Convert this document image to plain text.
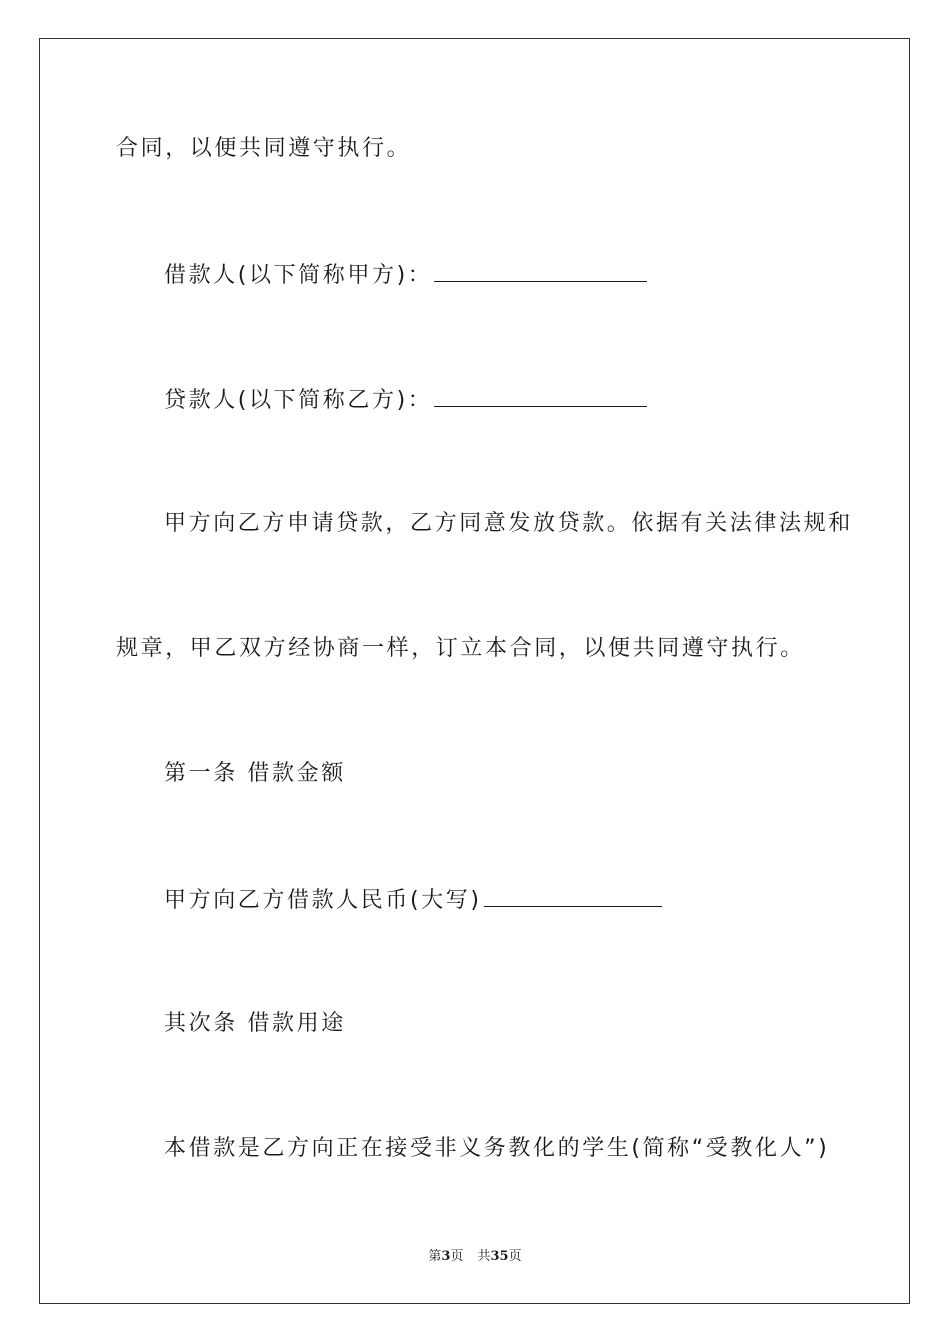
合同，以便共同遵守执行。
借款人(以下简称甲方)：
贷款人(以下简称乙方)：
甲方向乙方申请贷款，乙方同意发放贷款。依据有关法律法规和
规章，甲乙双方经协商一样，订立本合同，以便共同遵守执行。
第一条 借款金额
甲方向乙方借款人民币(大写)
其次条 借款用途
本借款是乙方向正在接受非义务教化的学生(简称“受教化人”)
第3页 共35页
